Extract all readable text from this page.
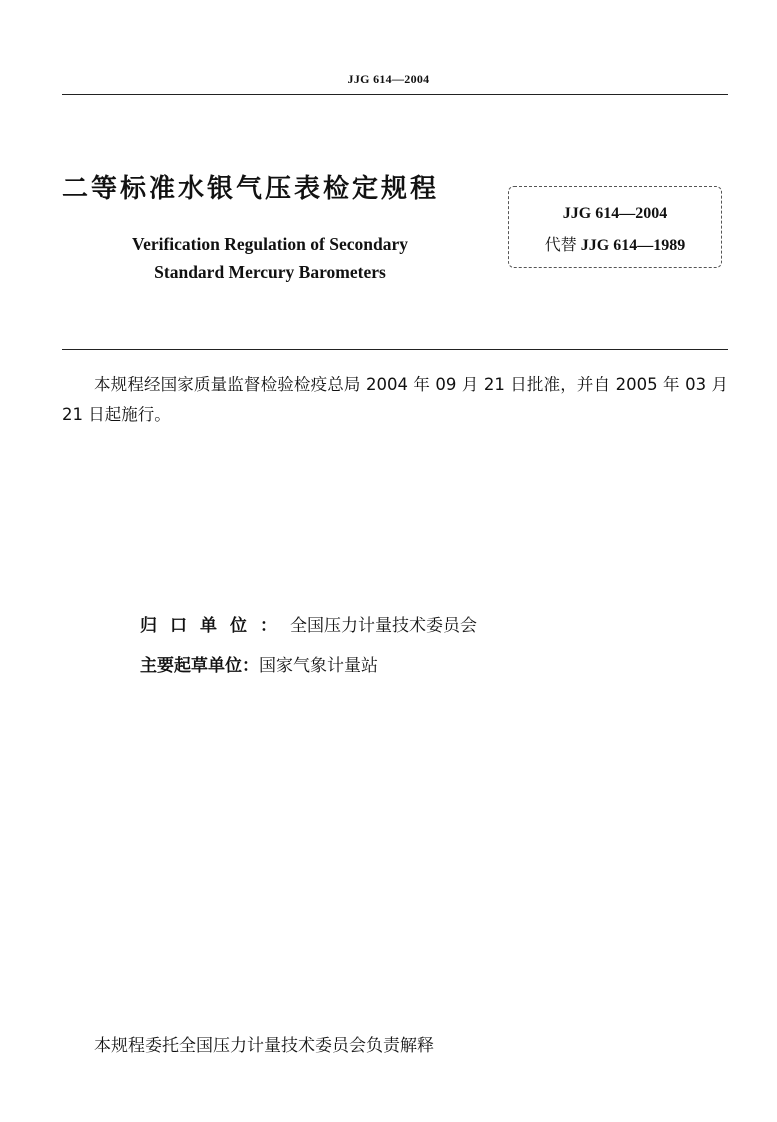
JJG 614—2004
二等标准水银气压表检定规程
Verification Regulation of Secondary
Standard Mercury Barometers
JJG 614—2004
代替 JJG 614—1989
本规程经国家质量监督检验检疫总局 2004 年 09 月 21 日批准，并自 2005 年 03 月 21 日起施行。
归口单位：全国压力计量技术委员会
主要起草单位：国家气象计量站
本规程委托全国压力计量技术委员会负责解释
